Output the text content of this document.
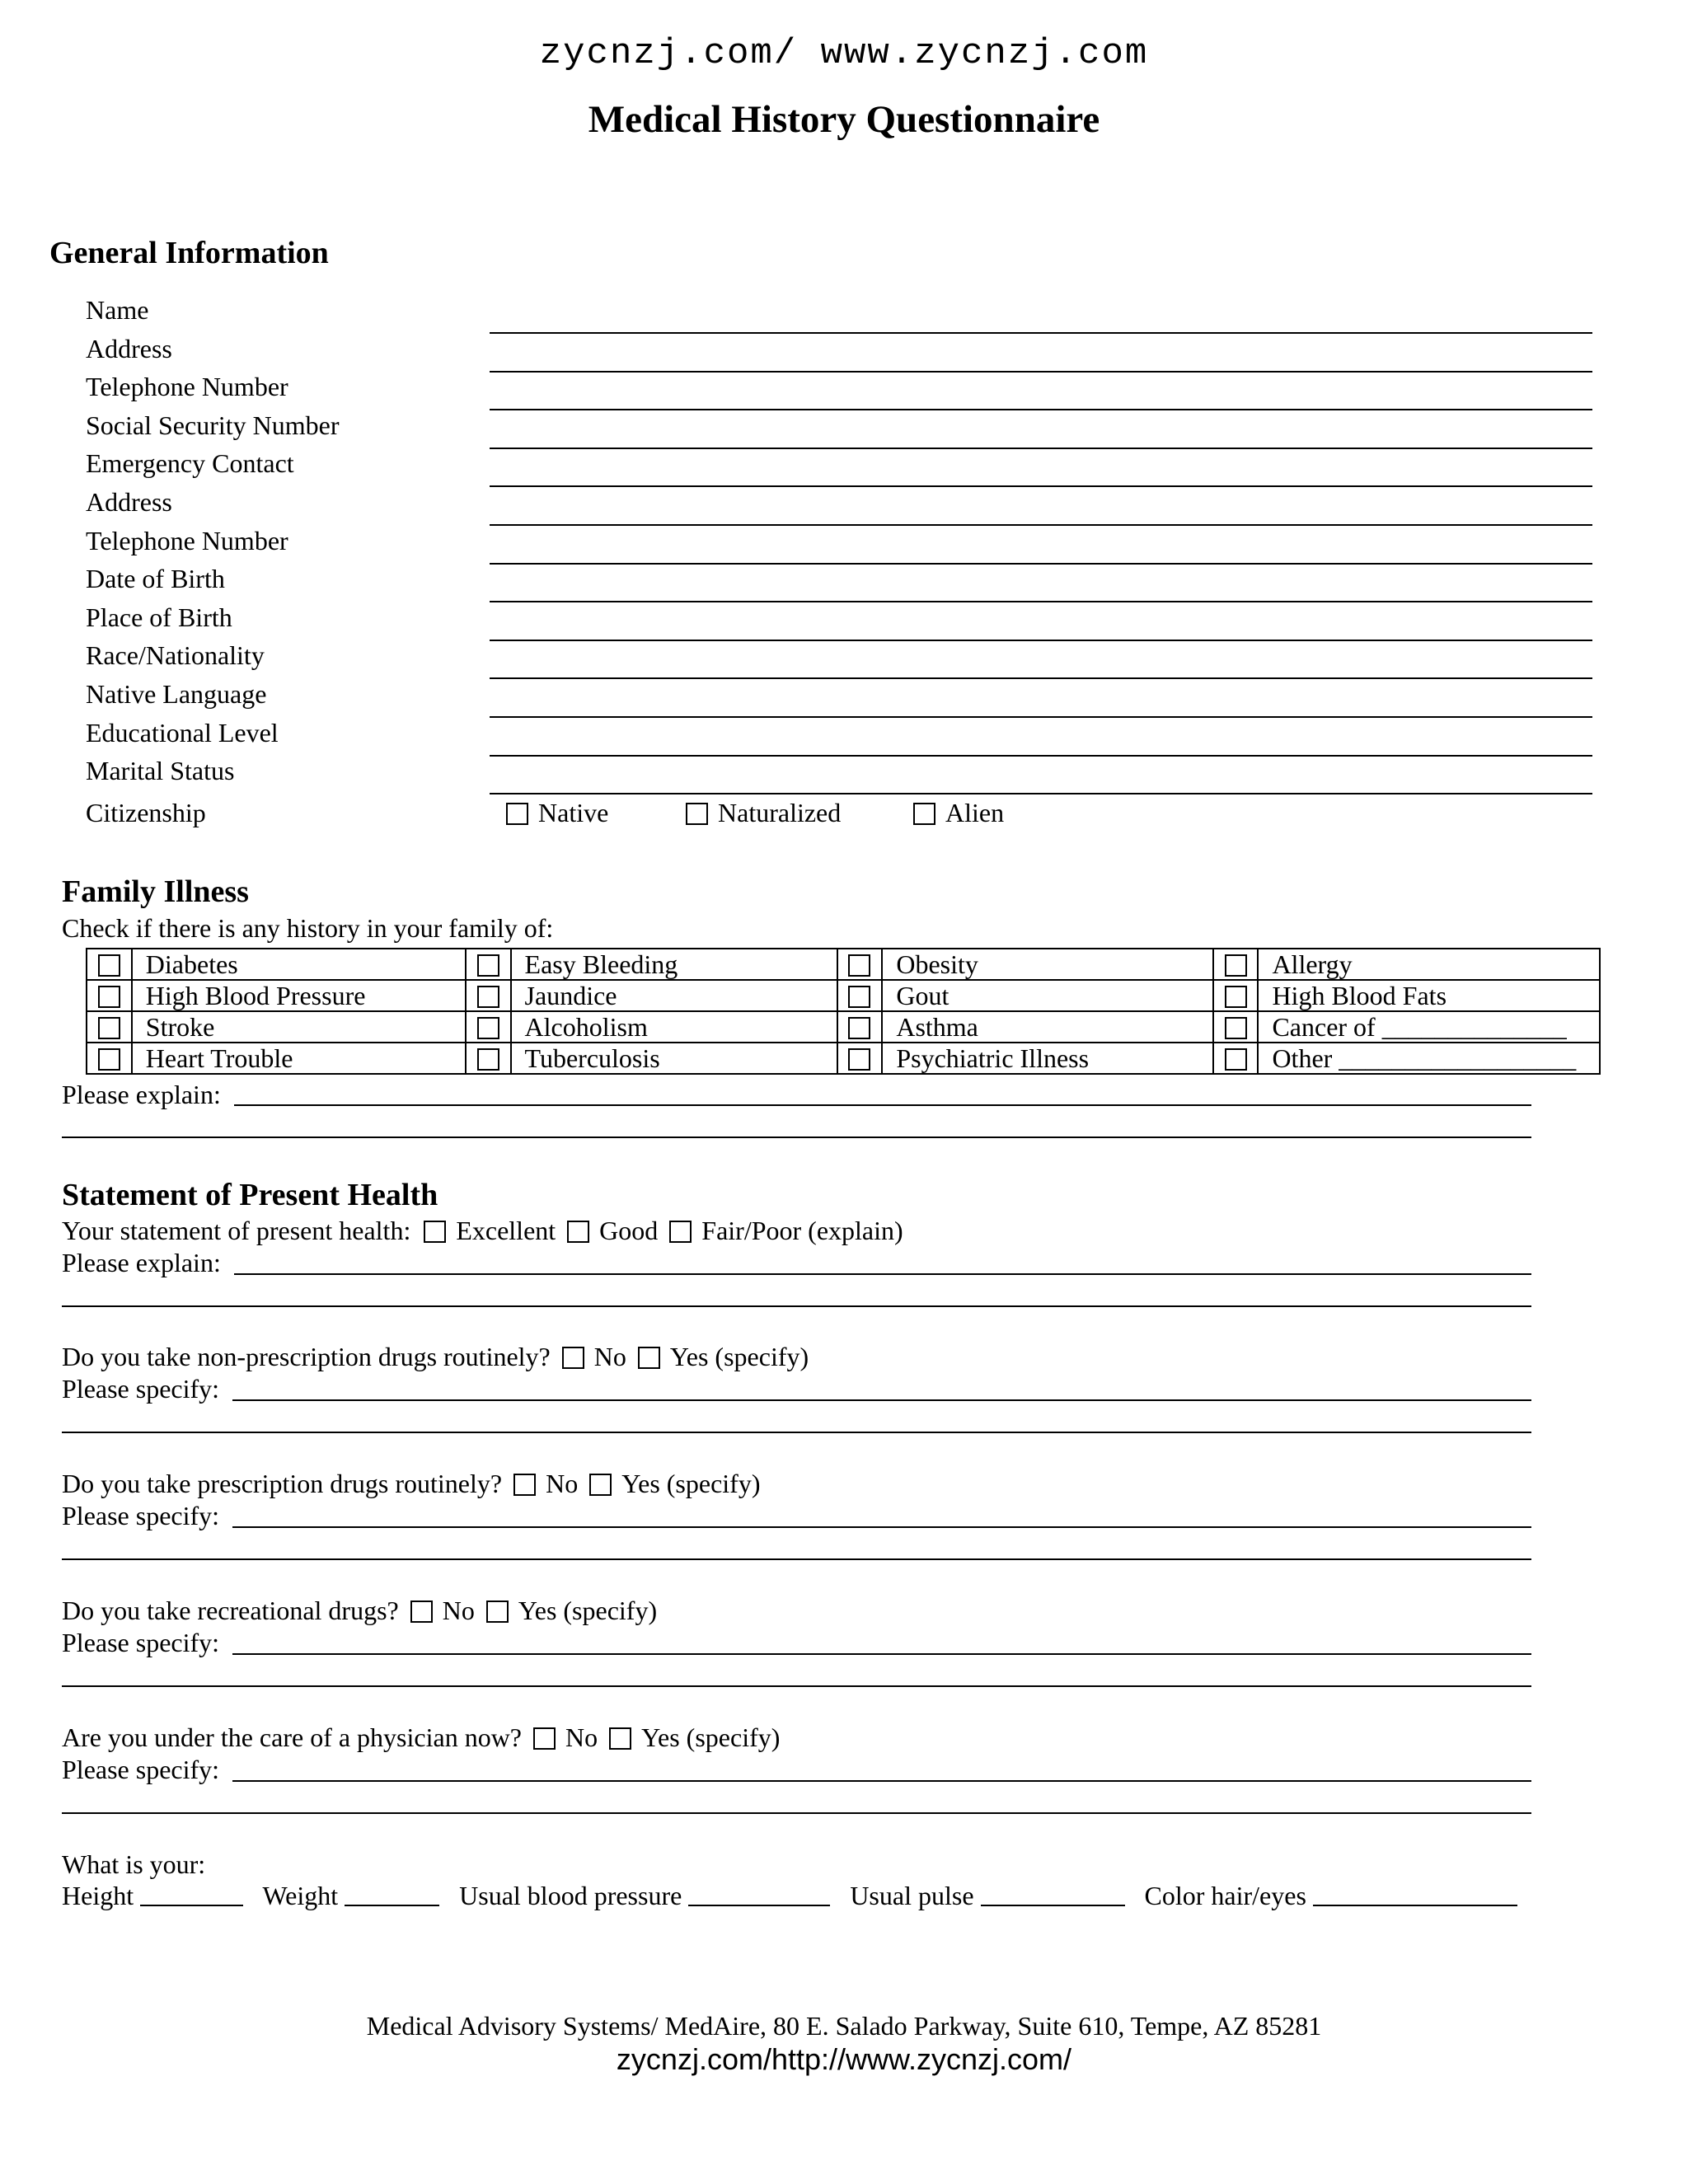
zycnzj.com/ www.zycnzj.com
Medical History Questionnaire
General Information
Name
Address
Telephone Number
Social Security Number
Emergency Contact
Address
Telephone Number
Date of Birth
Place of Birth
Race/Nationality
Native Language
Educational Level
Marital Status
Citizenship	Native	Naturalized	Alien
Family Illness
Check if there is any history in your family of:
	Diabetes		Easy Bleeding		Obesity		Allergy
	High Blood Pressure		Jaundice		Gout		High Blood Fats
	Stroke		Alcoholism		Asthma		Cancer of ______________
	Heart Trouble		Tuberculosis		Psychiatric Illness		Other __________________
Please explain:
Statement of Present Health
Your statement of present health: Excellent Good Fair/Poor (explain)
Please explain:
Do you take non-prescription drugs routinely? No Yes (specify)
Please specify:
Do you take prescription drugs routinely? No Yes (specify)
Please specify:
Do you take recreational drugs? No Yes (specify)
Please specify:
Are you under the care of a physician now? No Yes (specify)
Please specify:
What is your:
Height	Weight	Usual blood pressure	Usual pulse	Color hair/eyes
Medical Advisory Systems/ MedAire, 80 E. Salado Parkway, Suite 610, Tempe, AZ 85281
zycnzj.com/http://www.zycnzj.com/
